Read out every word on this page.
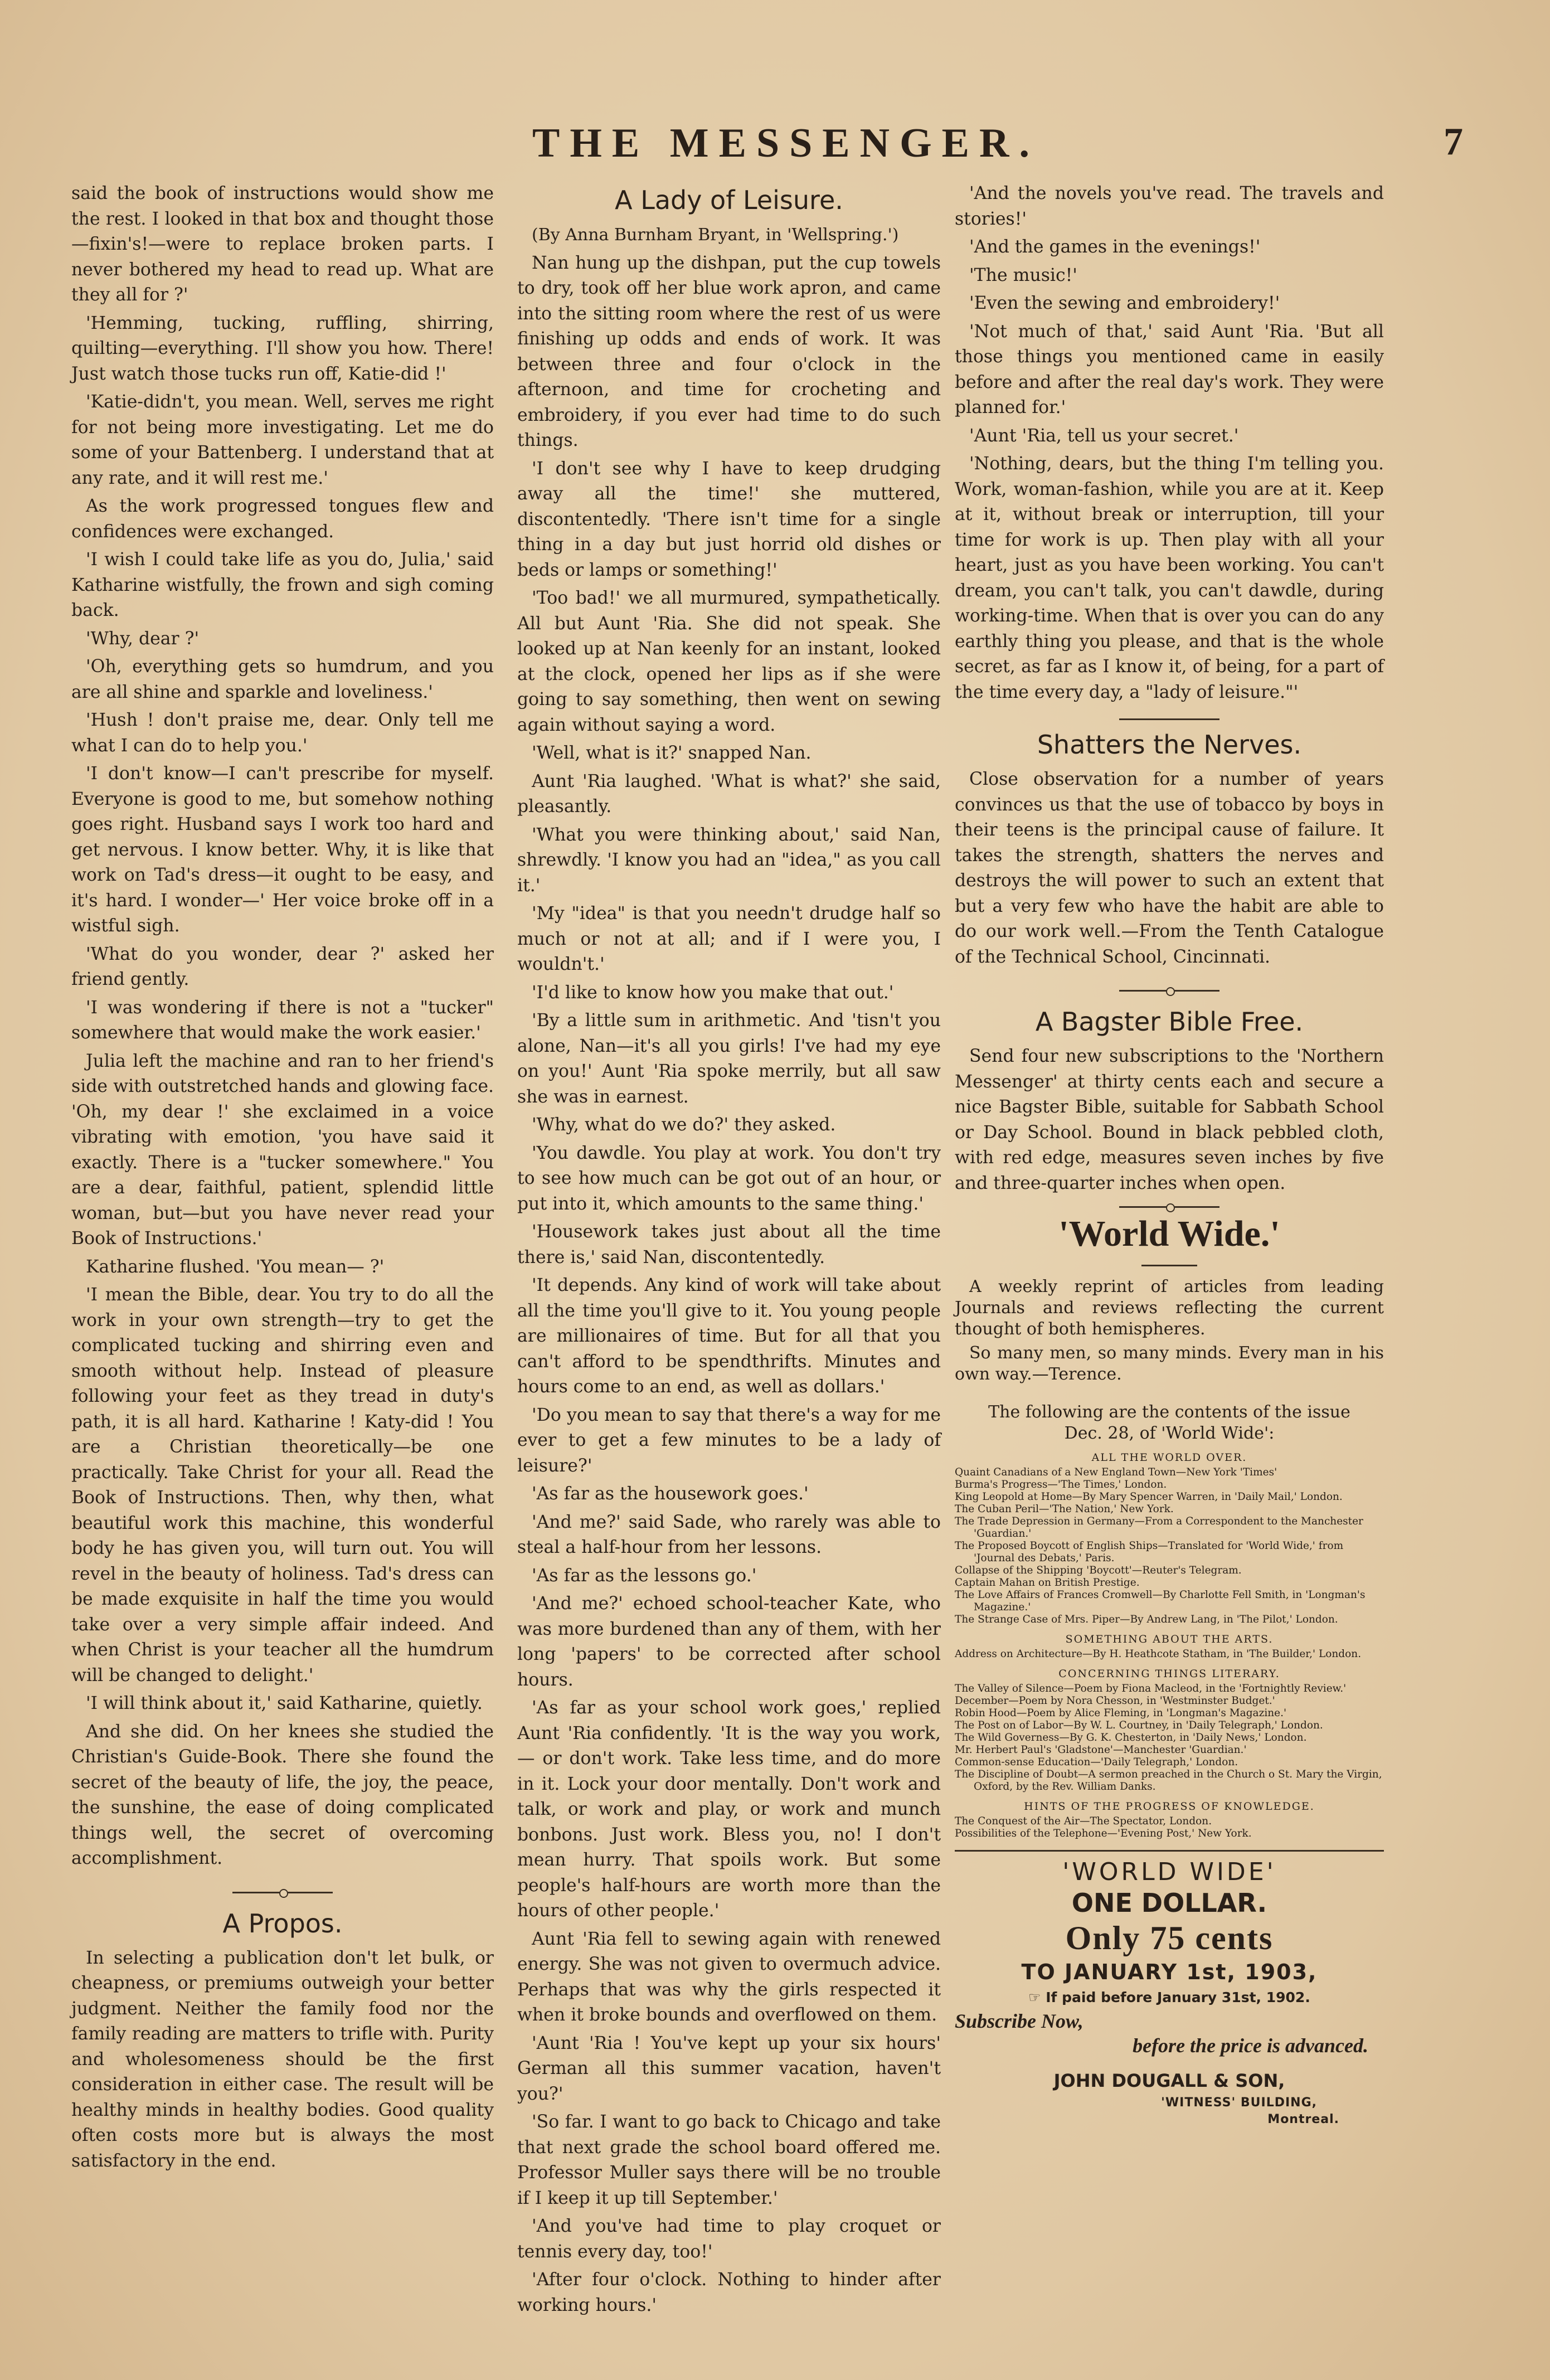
THE MESSENGER.	7

said the book of instructions would show me the rest. I looked in that box and thought those—fixin's!—were to replace broken parts. I never bothered my head to read up. What are they all for ?'

'Hemming, tucking, ruffling, shirring, quilting—everything. I'll show you how. There! Just watch those tucks run off, Katie-did !'

'Katie-didn't, you mean. Well, serves me right for not being more investigating. Let me do some of your Battenberg. I understand that at any rate, and it will rest me.'

As the work progressed tongues flew and confidences were exchanged.

'I wish I could take life as you do, Julia,' said Katharine wistfully, the frown and sigh coming back.

'Why, dear ?'

'Oh, everything gets so humdrum, and you are all shine and sparkle and loveliness.'

'Hush ! don't praise me, dear. Only tell me what I can do to help you.'

'I don't know—I can't prescribe for myself. Everyone is good to me, but somehow nothing goes right. Husband says I work too hard and get nervous. I know better. Why, it is like that work on Tad's dress—it ought to be easy, and it's hard. I wonder—' Her voice broke off in a wistful sigh.

'What do you wonder, dear ?' asked her friend gently.

'I was wondering if there is not a "tucker" somewhere that would make the work easier.'

Julia left the machine and ran to her friend's side with outstretched hands and glowing face. 'Oh, my dear !' she exclaimed in a voice vibrating with emotion, 'you have said it exactly. There is a "tucker somewhere." You are a dear, faithful, patient, splendid little woman, but—but you have never read your Book of Instructions.'

Katharine flushed. 'You mean— ?'

'I mean the Bible, dear. You try to do all the work in your own strength—try to get the complicated tucking and shirring even and smooth without help. Instead of pleasure following your feet as they tread in duty's path, it is all hard. Katharine ! Katy-did ! You are a Christian theoretically—be one practically. Take Christ for your all. Read the Book of Instructions. Then, why then, what beautiful work this machine, this wonderful body he has given you, will turn out. You will revel in the beauty of holiness. Tad's dress can be made exquisite in half the time you would take over a very simple affair indeed. And when Christ is your teacher all the humdrum will be changed to delight.'

'I will think about it,' said Katharine, quietly.

And she did. On her knees she studied the Christian's Guide-Book. There she found the secret of the beauty of life, the joy, the peace, the sunshine, the ease of doing complicated things well, the secret of overcoming accomplishment.

A Propos.

In selecting a publication don't let bulk, or cheapness, or premiums outweigh your better judgment. Neither the family food nor the family reading are matters to trifle with. Purity and wholesomeness should be the first consideration in either case. The result will be healthy minds in healthy bodies. Good quality often costs more but is always the most satisfactory in the end.

A Lady of Leisure.

(By Anna Burnham Bryant, in 'Wellspring.')

Nan hung up the dishpan, put the cup towels to dry, took off her blue work apron, and came into the sitting room where the rest of us were finishing up odds and ends of work. It was between three and four o'clock in the afternoon, and time for crocheting and embroidery, if you ever had time to do such things.

'I don't see why I have to keep drudging away all the time!' she muttered, discontentedly. 'There isn't time for a single thing in a day but just horrid old dishes or beds or lamps or something!'

'Too bad!' we all murmured, sympathetically. All but Aunt 'Ria. She did not speak. She looked up at Nan keenly for an instant, looked at the clock, opened her lips as if she were going to say something, then went on sewing again without saying a word.

'Well, what is it?' snapped Nan.

Aunt 'Ria laughed. 'What is what?' she said, pleasantly.

'What you were thinking about,' said Nan, shrewdly. 'I know you had an "idea," as you call it.'

'My "idea" is that you needn't drudge half so much or not at all; and if I were you, I wouldn't.'

'I'd like to know how you make that out.'

'By a little sum in arithmetic. And 'tisn't you alone, Nan—it's all you girls! I've had my eye on you!' Aunt 'Ria spoke merrily, but all saw she was in earnest.

'Why, what do we do?' they asked.

'You dawdle. You play at work. You don't try to see how much can be got out of an hour, or put into it, which amounts to the same thing.'

'Housework takes just about all the time there is,' said Nan, discontentedly.

'It depends. Any kind of work will take about all the time you'll give to it. You young people are millionaires of time. But for all that you can't afford to be spendthrifts. Minutes and hours come to an end, as well as dollars.'

'Do you mean to say that there's a way for me ever to get a few minutes to be a lady of leisure?'

'As far as the housework goes.'

'And me?' said Sade, who rarely was able to steal a half-hour from her lessons.

'As far as the lessons go.'

'And me?' echoed school-teacher Kate, who was more burdened than any of them, with her long 'papers' to be corrected after school hours.

'As far as your school work goes,' replied Aunt 'Ria confidently. 'It is the way you work, — or don't work. Take less time, and do more in it. Lock your door mentally. Don't work and talk, or work and play, or work and munch bonbons. Just work. Bless you, no! I don't mean hurry. That spoils work. But some people's half-hours are worth more than the hours of other people.'

Aunt 'Ria fell to sewing again with renewed energy. She was not given to overmuch advice. Perhaps that was why the girls respected it when it broke bounds and overflowed on them.

'Aunt 'Ria ! You've kept up your six hours' German all this summer vacation, haven't you?'

'So far. I want to go back to Chicago and take that next grade the school board offered me. Professor Muller says there will be no trouble if I keep it up till September.'

'And you've had time to play croquet or tennis every day, too!'

'After four o'clock. Nothing to hinder after working hours.'

'And the novels you've read. The travels and stories!'

'And the games in the evenings!'

'The music!'

'Even the sewing and embroidery!'

'Not much of that,' said Aunt 'Ria. 'But all those things you mentioned came in easily before and after the real day's work. They were planned for.'

'Aunt 'Ria, tell us your secret.'

'Nothing, dears, but the thing I'm telling you. Work, woman-fashion, while you are at it. Keep at it, without break or interruption, till your time for work is up. Then play with all your heart, just as you have been working. You can't dream, you can't talk, you can't dawdle, during working-time. When that is over you can do any earthly thing you please, and that is the whole secret, as far as I know it, of being, for a part of the time every day, a "lady of leisure."'

Shatters the Nerves.

Close observation for a number of years convinces us that the use of tobacco by boys in their teens is the principal cause of failure. It takes the strength, shatters the nerves and destroys the will power to such an extent that but a very few who have the habit are able to do our work well.—From the Tenth Catalogue of the Technical School, Cincinnati.

A Bagster Bible Free.

Send four new subscriptions to the 'Northern Messenger' at thirty cents each and secure a nice Bagster Bible, suitable for Sabbath School or Day School. Bound in black pebbled cloth, with red edge, measures seven inches by five and three-quarter inches when open.

'World Wide.'

A weekly reprint of articles from leading Journals and reviews reflecting the current thought of both hemispheres.

So many men, so many minds. Every man in his own way.—Terence.

The following are the contents of the issue
Dec. 28, of 'World Wide':
ALL THE WORLD OVER.
Quaint Canadians of a New England Town—New York 'Times'
Burma's Progress—'The Times,' London.
King Leopold at Home—By Mary Spencer Warren, in 'Daily Mail,' London.
The Cuban Peril—'The Nation,' New York.
The Trade Depression in Germany—From a Correspondent to the Manchester 'Guardian.'
The Proposed Boycott of English Ships—Translated for 'World Wide,' from 'Journal des Debats,' Paris.
Collapse of the Shipping 'Boycott'—Reuter's Telegram.
Captain Mahan on British Prestige.
The Love Affairs of Frances Cromwell—By Charlotte Fell Smith, in 'Longman's Magazine.'
The Strange Case of Mrs. Piper—By Andrew Lang, in 'The Pilot,' London.
SOMETHING ABOUT THE ARTS.
Address on Architecture—By H. Heathcote Statham, in 'The Builder,' London.
CONCERNING THINGS LITERARY.
The Valley of Silence—Poem by Fiona Macleod, in the 'Fortnightly Review.'
December—Poem by Nora Chesson, in 'Westminster Budget.'
Robin Hood—Poem by Alice Fleming, in 'Longman's Magazine.'
The Post on of Labor—By W. L. Courtney, in 'Daily Telegraph,' London.
The Wild Governess—By G. K. Chesterton, in 'Daily News,' London.
Mr. Herbert Paul's 'Gladstone'—Manchester 'Guardian.'
Common-sense Education—'Daily Telegraph,' London.
The Discipline of Doubt—A sermon preached in the Church o St. Mary the Virgin, Oxford, by the Rev. William Danks.
HINTS OF THE PROGRESS OF KNOWLEDGE.
The Conquest of the Air—The Spectator, London.
Possibilities of the Telephone—'Evening Post,' New York.
'WORLD WIDE'
ONE DOLLAR.
Only 75 cents
TO JANUARY 1st, 1903,
☞ If paid before January 31st, 1902.
Subscribe Now,
before the price is advanced.
JOHN DOUGALL & SON,
'WITNESS' BUILDING,
Montreal.
